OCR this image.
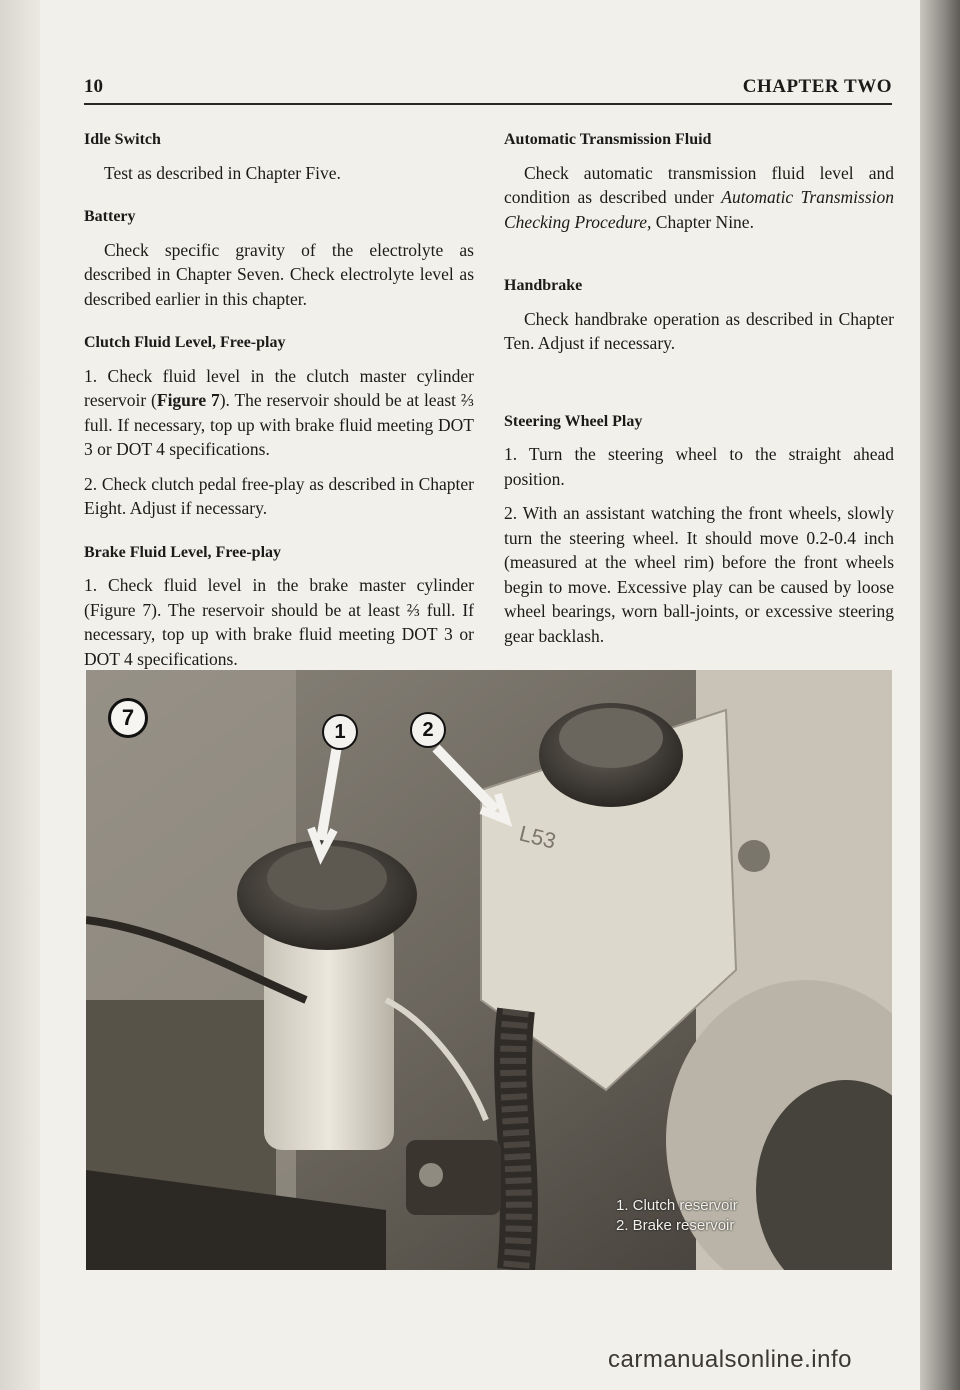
10	CHAPTER TWO
Idle Switch
Test as described in Chapter Five.
Battery
Check specific gravity of the electrolyte as described in Chapter Seven. Check electrolyte level as described earlier in this chapter.
Clutch Fluid Level, Free-play
1. Check fluid level in the clutch master cylinder reservoir (Figure 7). The reservoir should be at least ⅔ full. If necessary, top up with brake fluid meeting DOT 3 or DOT 4 specifications.
2. Check clutch pedal free-play as described in Chapter Eight. Adjust if necessary.
Brake Fluid Level, Free-play
1. Check fluid level in the brake master cylinder (Figure 7). The reservoir should be at least ⅔ full. If necessary, top up with brake fluid meeting DOT 3 or DOT 4 specifications.
Automatic Transmission Fluid
Check automatic transmission fluid level and condition as described under Automatic Transmission Checking Procedure, Chapter Nine.
Handbrake
Check handbrake operation as described in Chapter Ten. Adjust if necessary.
Steering Wheel Play
1. Turn the steering wheel to the straight ahead position.
2. With an assistant watching the front wheels, slowly turn the steering wheel. It should move 0.2-0.4 inch (measured at the wheel rim) before the front wheels begin to move. Excessive play can be caused by loose wheel bearings, worn ball-joints, or excessive steering gear backlash.
L53
7
1	2
1. Clutch reservoir
2. Brake reservoir
carmanualsonline.info
